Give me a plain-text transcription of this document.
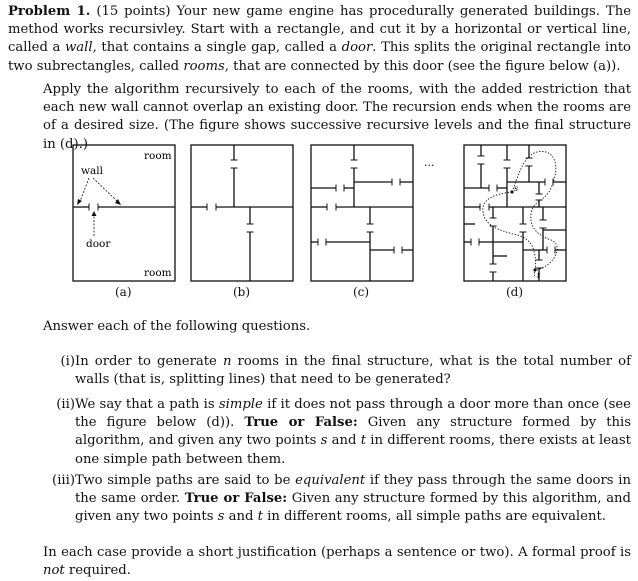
Problem 1. (15 points) Your new game engine has procedurally generated buildings. The method works recursivley. Start with a rectangle, and cut it by a horizontal or vertical line, called a wall, that contains a single gap, called a door. This splits the original rectangle into two subrectangles, called rooms, that are connected by this door (see the figure below (a)).
Apply the algorithm recursively to each of the rooms, with the added restriction that each new wall cannot overlap an existing door. The recursion ends when the rooms are of a desired size. (The figure shows successive recursive levels and the final structure in (d).)
room
room
wall
door
···
s
t
(a)	(b)	(c)	(d)
Answer each of the following questions.
(i) In order to generate n rooms in the final structure, what is the total number of walls (that is, splitting lines) that need to be generated?
(ii) We say that a path is simple if it does not pass through a door more than once (see the figure below (d)). True or False: Given any structure formed by this algorithm, and given any two points s and t in different rooms, there exists at least one simple path between them.
(iii) Two simple paths are said to be equivalent if they pass through the same doors in the same order. True or False: Given any structure formed by this algorithm, and given any two points s and t in different rooms, all simple paths are equivalent.
In each case provide a short justification (perhaps a sentence or two). A formal proof is not required.
